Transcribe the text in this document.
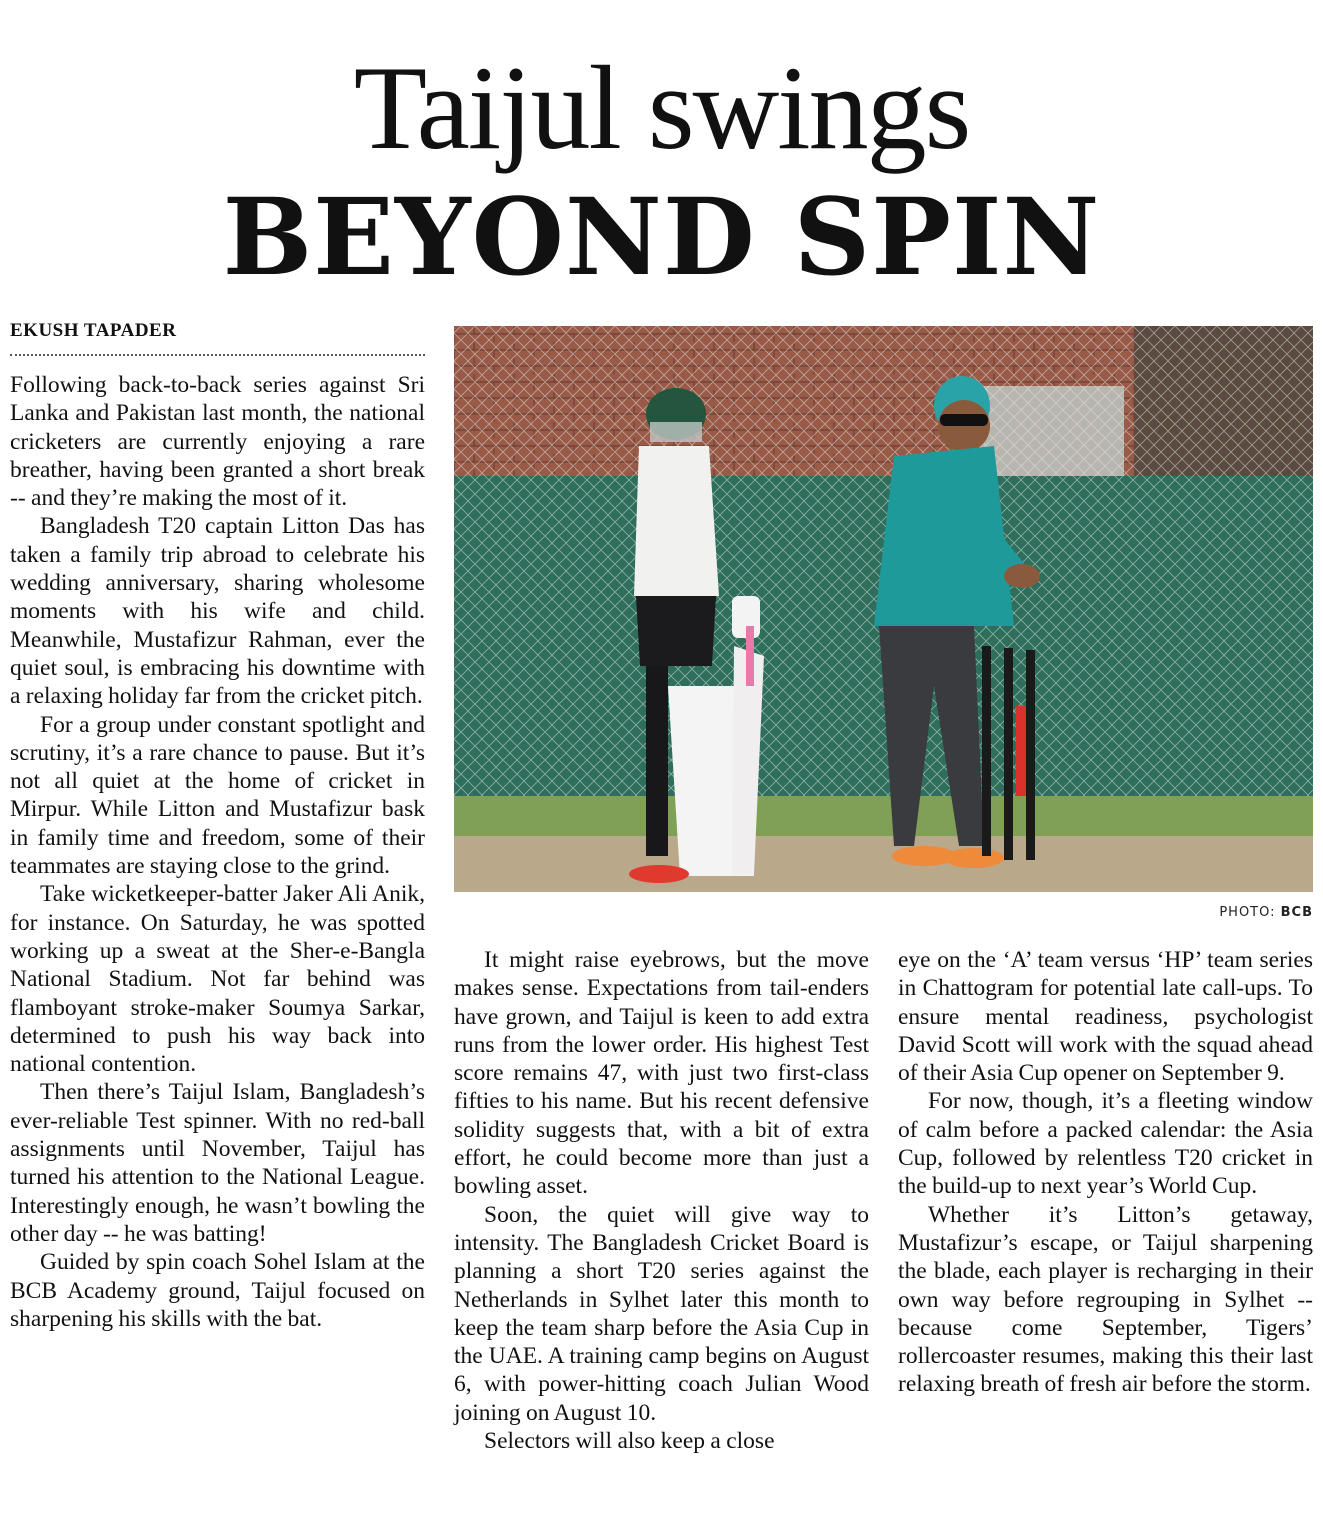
Taijul swings
BEYOND SPIN
EKUSH TAPADER

Following back-to-back series against Sri Lanka and Pakistan last month, the national cricketers are currently enjoying a rare breather, having been granted a short break -- and they’re making the most of it.

Bangladesh T20 captain Litton Das has taken a family trip abroad to celebrate his wedding anniversary, sharing wholesome moments with his wife and child. Meanwhile, Mustafizur Rahman, ever the quiet soul, is embracing his downtime with a relaxing holiday far from the cricket pitch.

For a group under constant spotlight and scrutiny, it’s a rare chance to pause. But it’s not all quiet at the home of cricket in Mirpur. While Litton and Mustafizur bask in family time and freedom, some of their teammates are staying close to the grind.

Take wicketkeeper-batter Jaker Ali Anik, for instance. On Saturday, he was spotted working up a sweat at the Sher-e-Bangla National Stadium. Not far behind was flamboyant stroke-maker Soumya Sarkar, determined to push his way back into national contention.

Then there’s Taijul Islam, Bangladesh’s ever-reliable Test spinner. With no red-ball assignments until November, Taijul has turned his attention to the National League. Interestingly enough, he wasn’t bowling the other day -- he was batting!

Guided by spin coach Sohel Islam at the BCB Academy ground, Taijul focused on sharpening his skills with the bat.

PHOTO: BCB

It might raise eyebrows, but the move makes sense. Expectations from tail-enders have grown, and Taijul is keen to add extra runs from the lower order. His highest Test score remains 47, with just two first-class fifties to his name. But his recent defensive solidity suggests that, with a bit of extra effort, he could become more than just a bowling asset.

Soon, the quiet will give way to intensity. The Bangladesh Cricket Board is planning a short T20 series against the Netherlands in Sylhet later this month to keep the team sharp before the Asia Cup in the UAE. A training camp begins on August 6, with power-hitting coach Julian Wood joining on August 10.

Selectors will also keep a close

eye on the ‘A’ team versus ‘HP’ team series in Chattogram for potential late call-ups. To ensure mental readiness, psychologist David Scott will work with the squad ahead of their Asia Cup opener on September 9.

For now, though, it’s a fleeting window of calm before a packed calendar: the Asia Cup, followed by relentless T20 cricket in the build-up to next year’s World Cup.

Whether it’s Litton’s getaway, Mustafizur’s escape, or Taijul sharpening the blade, each player is recharging in their own way before regrouping in Sylhet -- because come September, Tigers’ rollercoaster resumes, making this their last relaxing breath of fresh air before the storm.
